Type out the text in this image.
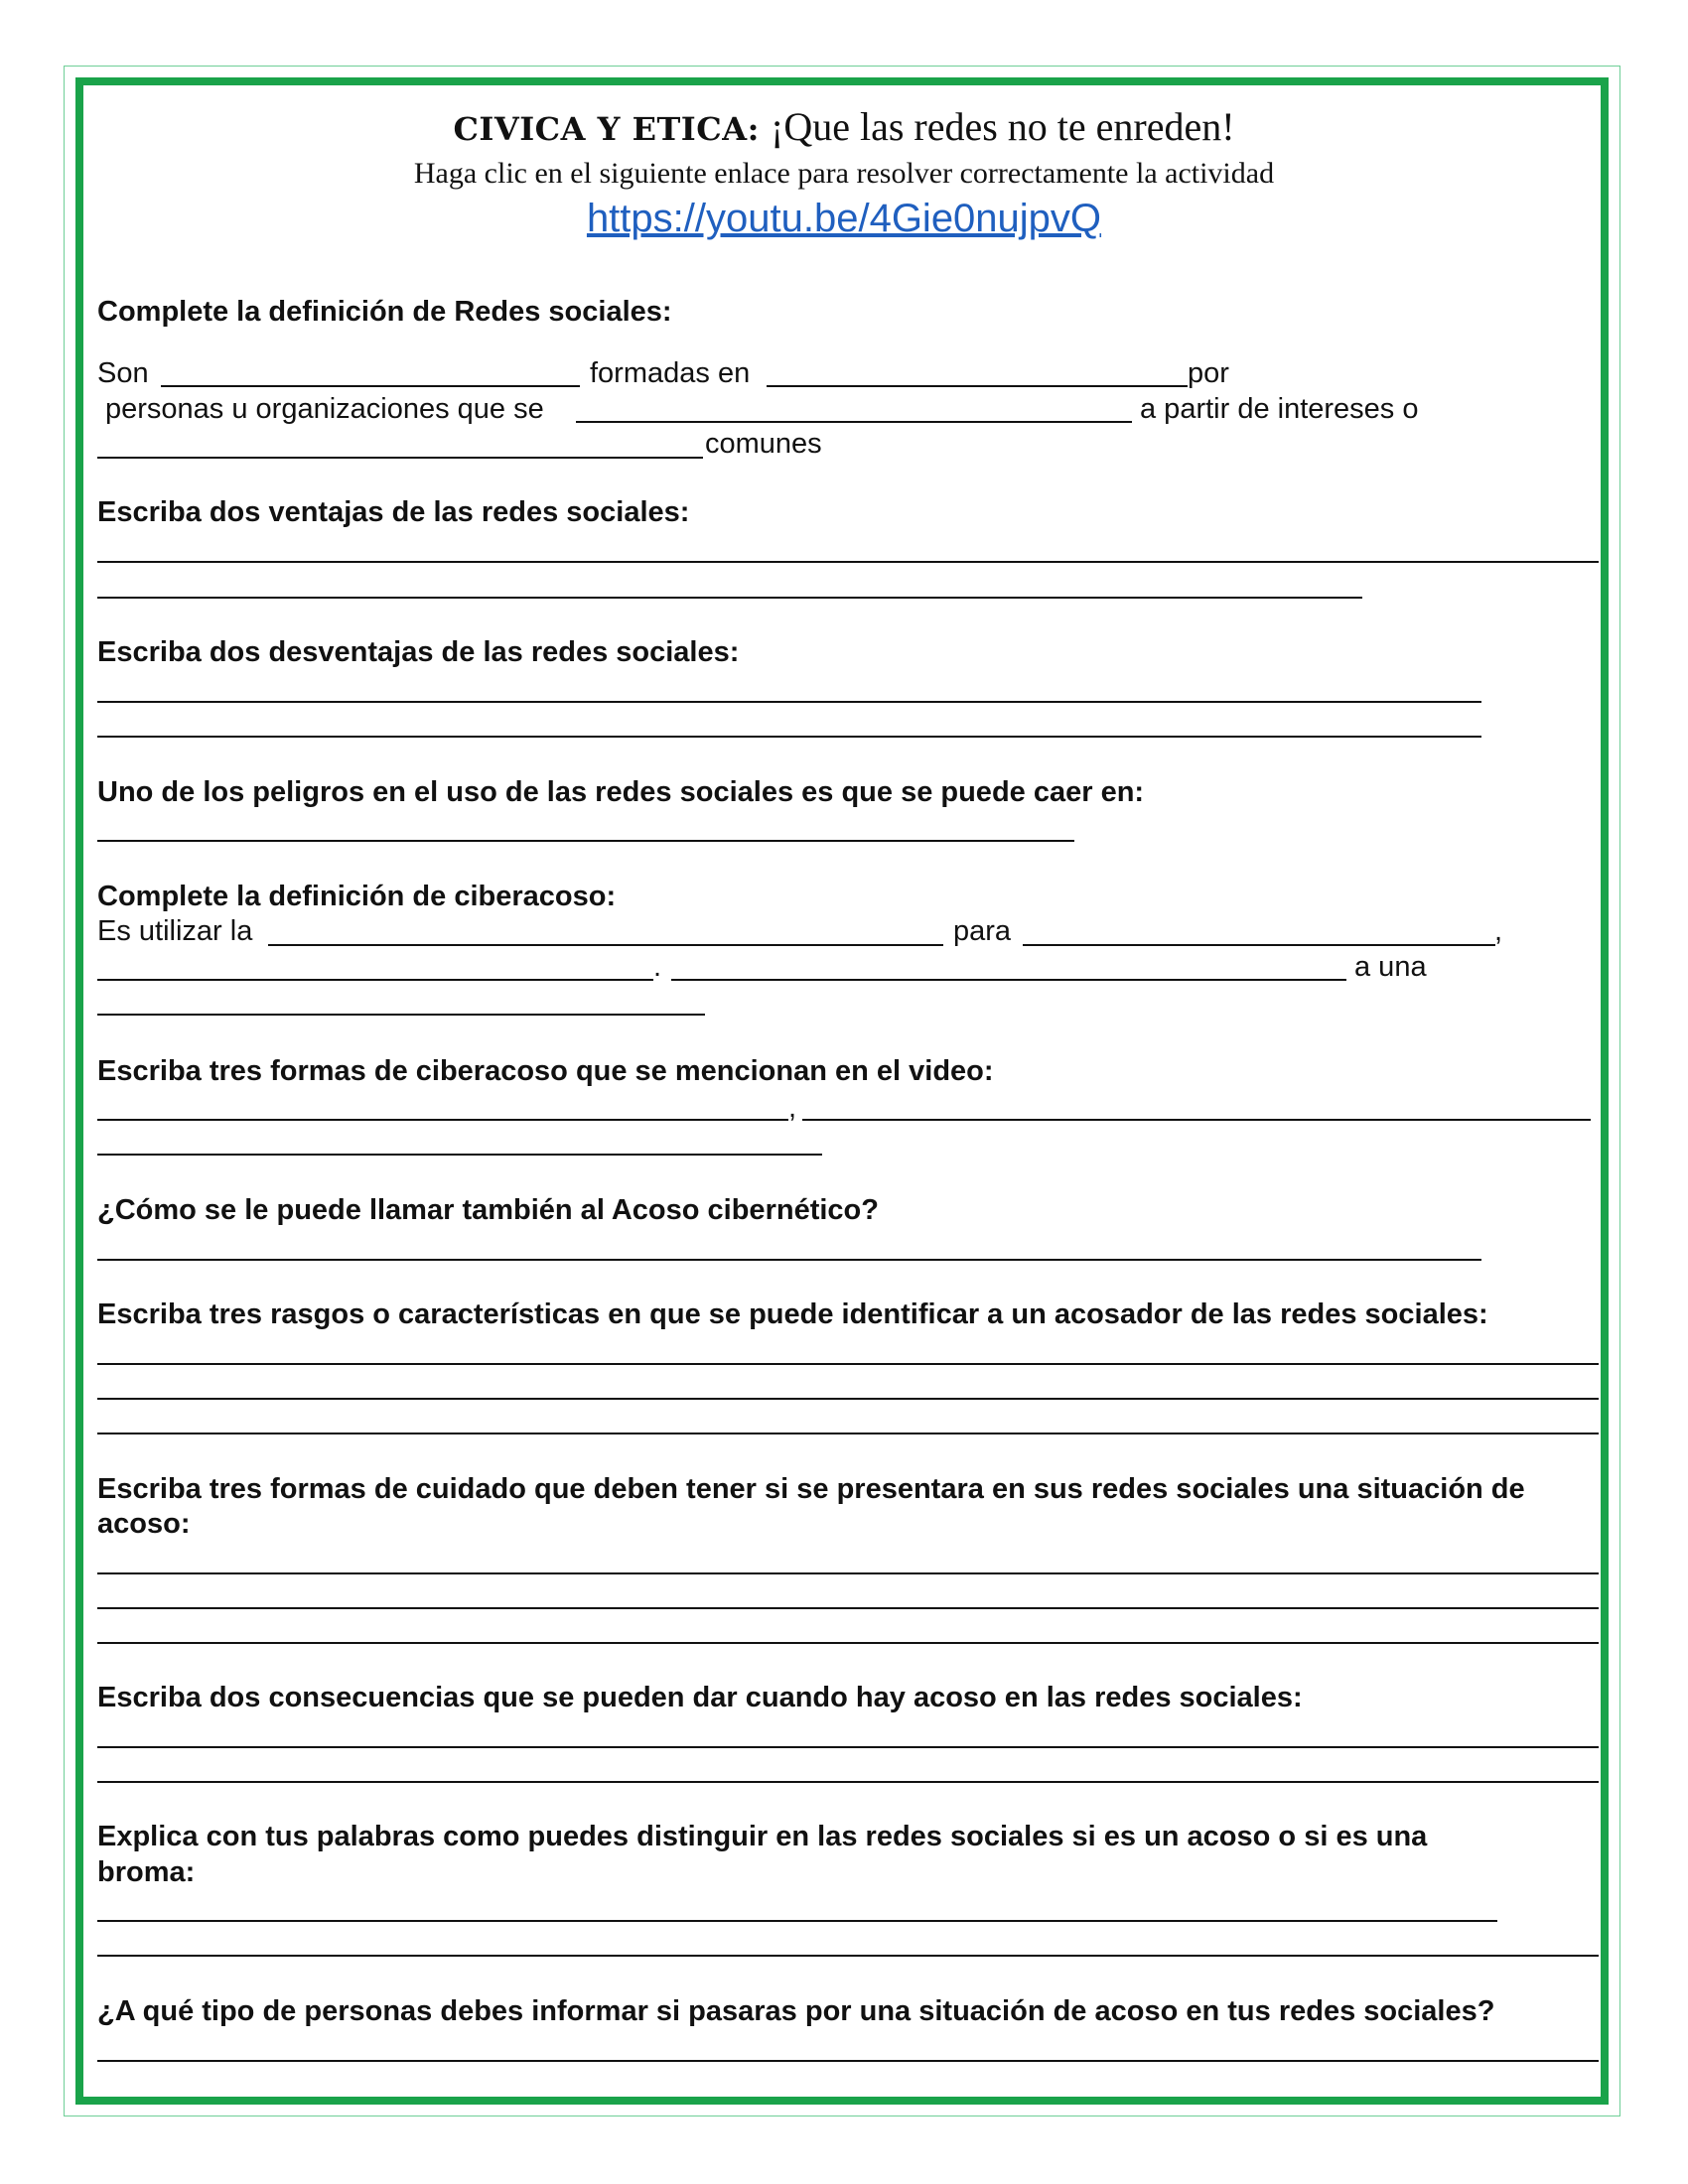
CIVICA Y ETICA: ¡Que las redes no te enreden!
Haga clic en el siguiente enlace para resolver correctamente la actividad
https://youtu.be/4Gie0nujpvQ
Complete la definición de Redes sociales:
Son	formadas en	por
personas u organizaciones que se	a partir de intereses o
comunes
Escriba dos ventajas de las redes sociales:
Escriba dos desventajas de las redes sociales:
Uno de los peligros en el uso de las redes sociales es que se puede caer en:
Complete la definición de ciberacoso:
Es utilizar la	para	,
.	a una
Escriba tres formas de ciberacoso que se mencionan en el video:
,
¿Cómo se le puede llamar también al Acoso cibernético?
Escriba tres rasgos o características en que se puede identificar a un acosador de las redes sociales:
Escriba tres formas de cuidado que deben tener si se presentara en sus redes sociales una situación de
acoso:
Escriba dos consecuencias que se pueden dar cuando hay acoso en las redes sociales:
Explica con tus palabras como puedes distinguir en las redes sociales si es un acoso o si es una
broma:
¿A qué tipo de personas debes informar si pasaras por una situación de acoso en tus redes sociales?
